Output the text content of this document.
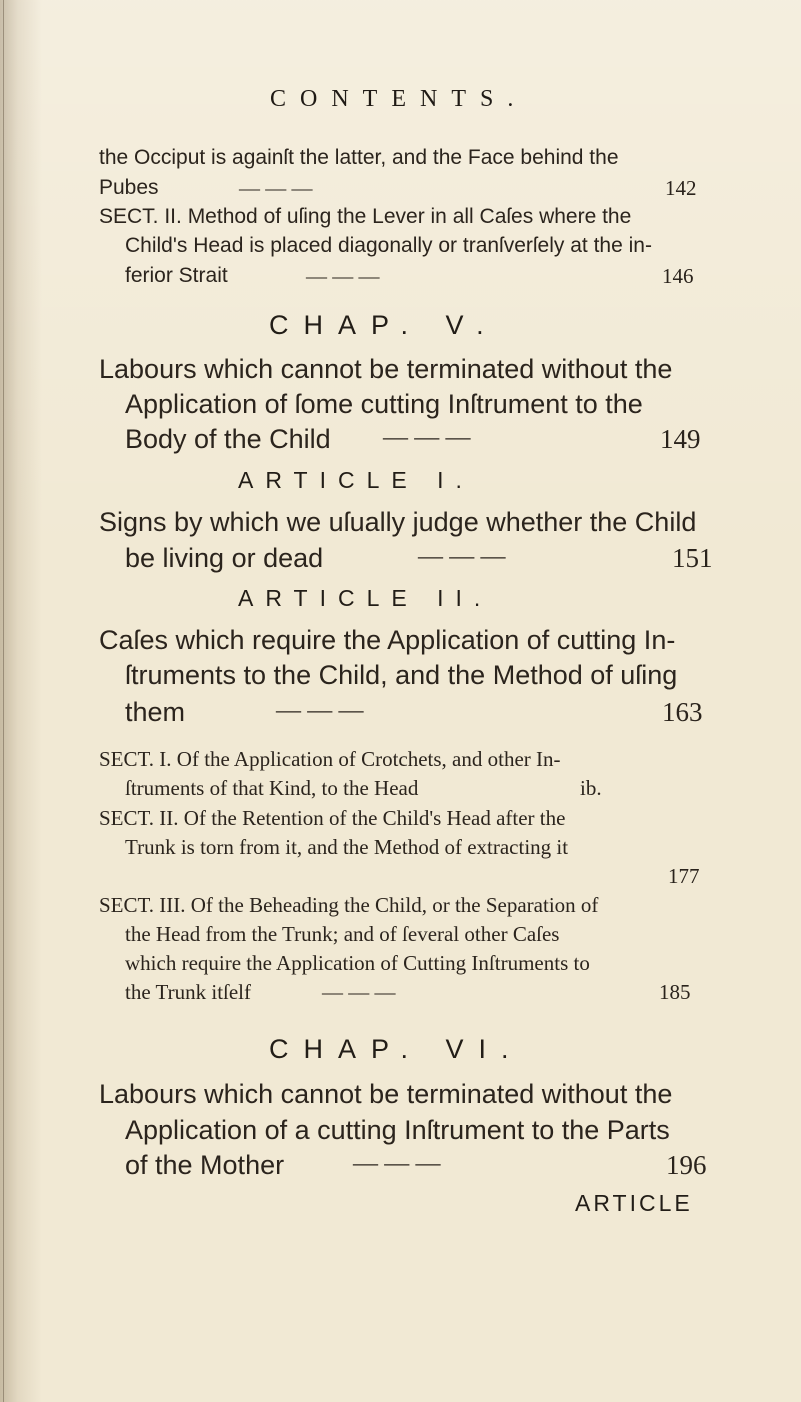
CONTENTS.
the Occiput is againſt the latter, and the Face behind the
Pubes	— — —	142
SECT. II. Method of uſing the Lever in all Caſes where the
Child's Head is placed diagonally or tranſverſely at the in-
ferior Strait	— — —	146
CHAP. V.
Labours which cannot be terminated without the
Application of ſome cutting Inſtrument to the
Body of the Child — — —	149
ARTICLE I.
Signs by which we uſually judge whether the Child
be living or dead	— — —	151
ARTICLE II.
Caſes which require the Application of cutting In-
ſtruments to the Child, and the Method of uſing
them	— — —	163
SECT. I. Of the Application of Crotchets, and other In-
ſtruments of that Kind, to the Head	ib.
SECT. II. Of the Retention of the Child's Head after the
Trunk is torn from it, and the Method of extracting it
177
SECT. III. Of the Beheading the Child, or the Separation of
the Head from the Trunk; and of ſeveral other Caſes
which require the Application of Cutting Inſtruments to
the Trunk itſelf	— — —	185
CHAP. VI.
Labours which cannot be terminated without the
Application of a cutting Inſtrument to the Parts
of the Mother	— — —	196
ARTICLE
